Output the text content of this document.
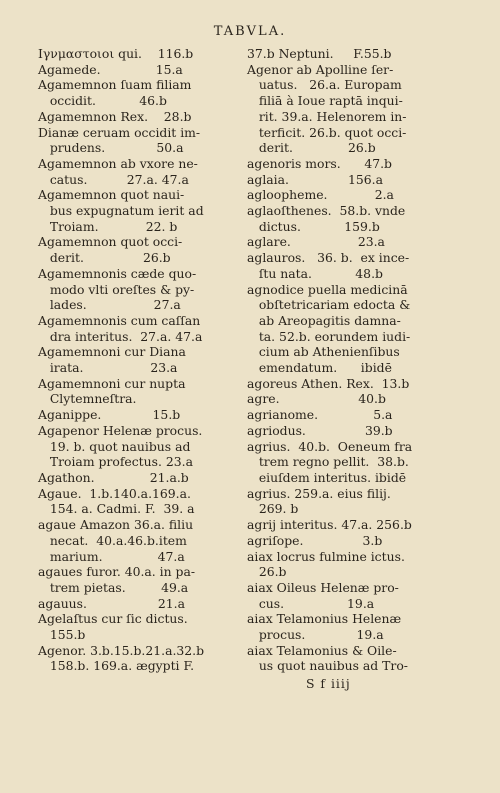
TABVLA.
Ιγνμαστοιοι qui.    116.b
Agamede.              15.a
Agamemnon ſuam filiam
occidit.           46.b
Agamemnon Rex.    28.b
Dianæ ceruam occidit im-
prudens.             50.a
Agamemnon ab vxore ne-
catus.          27.a. 47.a
Agamemnon quot naui-
bus expugnatum ierit ad
Troiam.            22. b
Agamemnon quot occi-
derit.               26.b
Agamemnonis cæde quo-
modo vlti oreſtes & py-
lades.                 27.a
Agamemnonis cum caſſan
dra interitus.  27.a. 47.a
Agamemnoni cur Diana
irata.                 23.a
Agamemnoni cur nupta
Clytemneſtra.
Aganippe.             15.b
Agapenor Helenæ procus.
19. b. quot nauibus ad
Troiam profectus. 23.a
Agathon.              21.a.b
Agaue.  1.b.140.a.169.a.
154. a. Cadmi. F.  39. a
agaue Amazon 36.a. filiu
necat.  40.a.46.b.item
marium.              47.a
agaues furor. 40.a. in pa-
trem pietas.         49.a
agauus.                  21.a
Agelaſtus cur ſic dictus.
155.b
Agenor. 3.b.15.b.21.a.32.b
158.b. 169.a. ægypti F.
37.b Neptuni.     F.55.b
Agenor ab Apolline ſer-
uatus.   26.a. Europam
filiā à Ioue raptā inqui-
rit. 39.a. Helenorem in-
terficit. 26.b. quot occi-
derit.              26.b
agenoris mors.      47.b
aglaia.               156.a
agloopheme.            2.a
aglaoſthenes.  58.b. vnde
dictus.           159.b
aglare.                 23.a
aglauros.   36. b.  ex ince-
ſtu nata.           48.b
agnodice puella medicinā
obſtetricariam edocta &
ab Areopagitis damna-
ta. 52.b. eorundem iudi-
cium ab Athenienſibus
emendatum.      ibidē
agoreus Athen. Rex.  13.b
agre.                    40.b
agrianome.              5.a
agriodus.               39.b
agrius.  40.b.  Oeneum fra
trem regno pellit.  38.b.
eiuſdem interitus. ibidē
agrius. 259.a. eius filij.
269. b
agrij interitus. 47.a. 256.b
agriſope.               3.b
aiax locrus fulmine ictus.
26.b
aiax Oileus Helenæ pro-
cus.                19.a
aiax Telamonius Helenæ
procus.             19.a
aiax Telamonius & Oile-
us quot nauibus ad Tro-
S f iiij
